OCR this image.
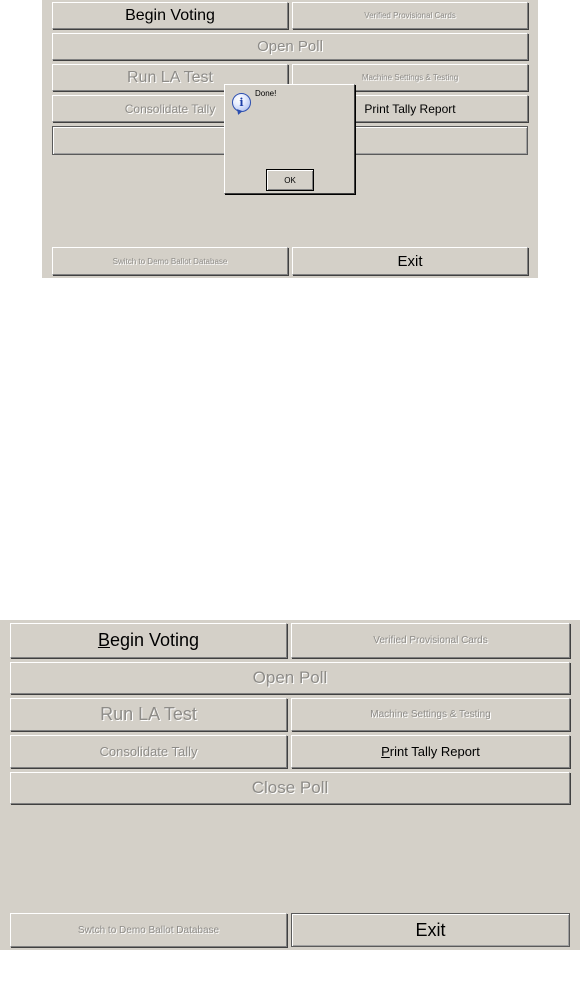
Begin Voting	Verified Provisional Cards
Open Poll
Run LA Test	Machine Settings & Testing
Consolidate Tally	Print Tally Report
Switch to Demo Ballot Database	Exit
i
Done!
OK
B egin Voting	Verified Provisional Cards
Open Poll
Run LA Test	Machine Settings & Testing
Consolidate Tally	P rint Tally Report
Close Poll
Swtch to Demo Ballot Database	Exit
